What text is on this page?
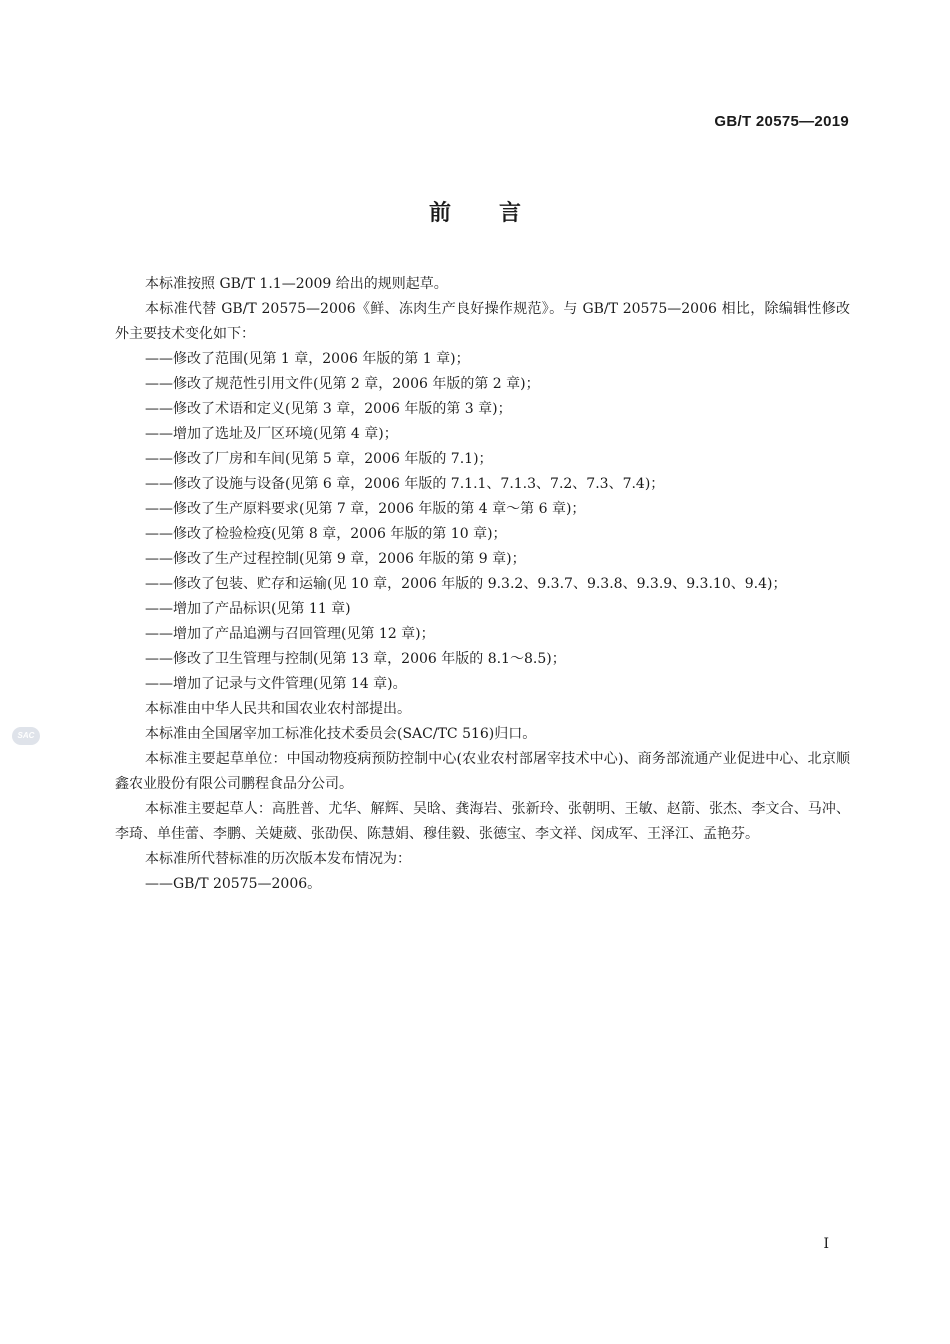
GB/T 20575—2019
前言

本标准按照 GB/T 1.1—2009 给出的规则起草。

本标准代替 GB/T 20575—2006《鲜、冻肉生产良好操作规范》。与 GB/T 20575—2006 相比，除编辑性修改外主要技术变化如下：

——修改了范围(见第 1 章，2006 年版的第 1 章)；

——修改了规范性引用文件(见第 2 章，2006 年版的第 2 章)；

——修改了术语和定义(见第 3 章，2006 年版的第 3 章)；

——增加了选址及厂区环境(见第 4 章)；

——修改了厂房和车间(见第 5 章，2006 年版的 7.1)；

——修改了设施与设备(见第 6 章，2006 年版的 7.1.1、7.1.3、7.2、7.3、7.4)；

——修改了生产原料要求(见第 7 章，2006 年版的第 4 章～第 6 章)；

——修改了检验检疫(见第 8 章，2006 年版的第 10 章)；

——修改了生产过程控制(见第 9 章，2006 年版的第 9 章)；

——修改了包装、贮存和运输(见 10 章，2006 年版的 9.3.2、9.3.7、9.3.8、9.3.9、9.3.10、9.4)；

——增加了产品标识(见第 11 章)

——增加了产品追溯与召回管理(见第 12 章)；

——修改了卫生管理与控制(见第 13 章，2006 年版的 8.1～8.5)；

——增加了记录与文件管理(见第 14 章)。

本标准由中华人民共和国农业农村部提出。

本标准由全国屠宰加工标准化技术委员会(SAC/TC 516)归口。

本标准主要起草单位：中国动物疫病预防控制中心(农业农村部屠宰技术中心)、商务部流通产业促进中心、北京顺鑫农业股份有限公司鹏程食品分公司。

本标准主要起草人：高胜普、尤华、解辉、吴晗、龚海岩、张新玲、张朝明、王敏、赵箭、张杰、李文合、马冲、李琦、单佳蕾、李鹏、关婕葳、张劭俣、陈慧娟、穆佳毅、张德宝、李文祥、闵成军、王泽江、孟艳芬。

本标准所代替标准的历次版本发布情况为：

——GB/T 20575—2006。

SAC
I
